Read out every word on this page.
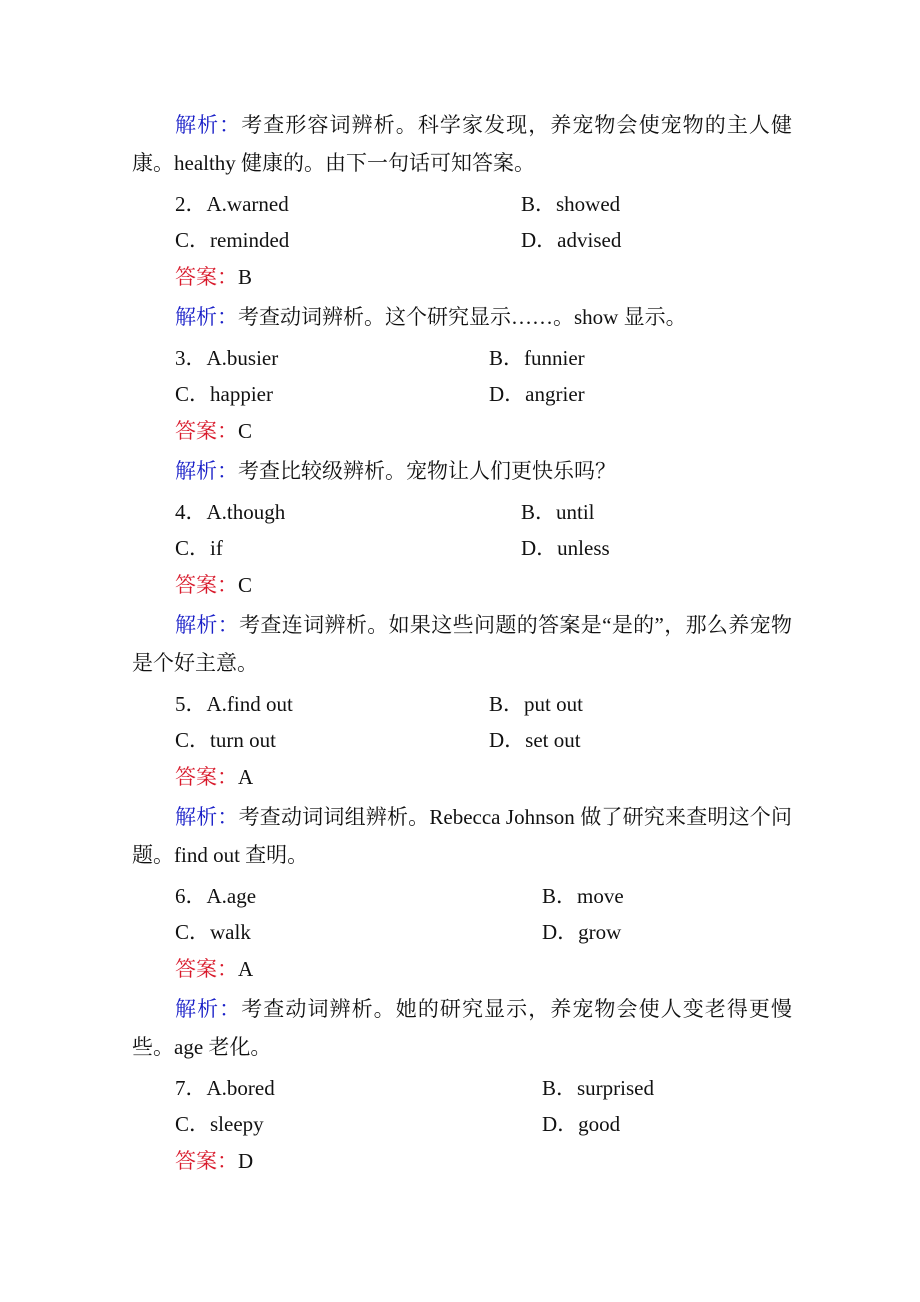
解析：考查形容词辨析。科学家发现，养宠物会使宠物的主人健康。healthy 健康的。由下一句话可知答案。
2．A.warned	B．showed
C．reminded	D．advised
答案：B
解析：考查动词辨析。这个研究显示……。show 显示。
3．A.busier	B．funnier
C．happier	D．angrier
答案：C
解析：考查比较级辨析。宠物让人们更快乐吗？
4．A.though	B．until
C．if	D．unless
答案：C
解析：考查连词辨析。如果这些问题的答案是“是的”，那么养宠物是个好主意。
5．A.find out	B．put out
C．turn out	D．set out
答案：A
解析：考查动词词组辨析。Rebecca Johnson 做了研究来查明这个问题。find out 查明。
6．A.age	B．move
C．walk	D．grow
答案：A
解析：考查动词辨析。她的研究显示，养宠物会使人变老得更慢些。age 老化。
7．A.bored	B．surprised
C．sleepy	D．good
答案：D
